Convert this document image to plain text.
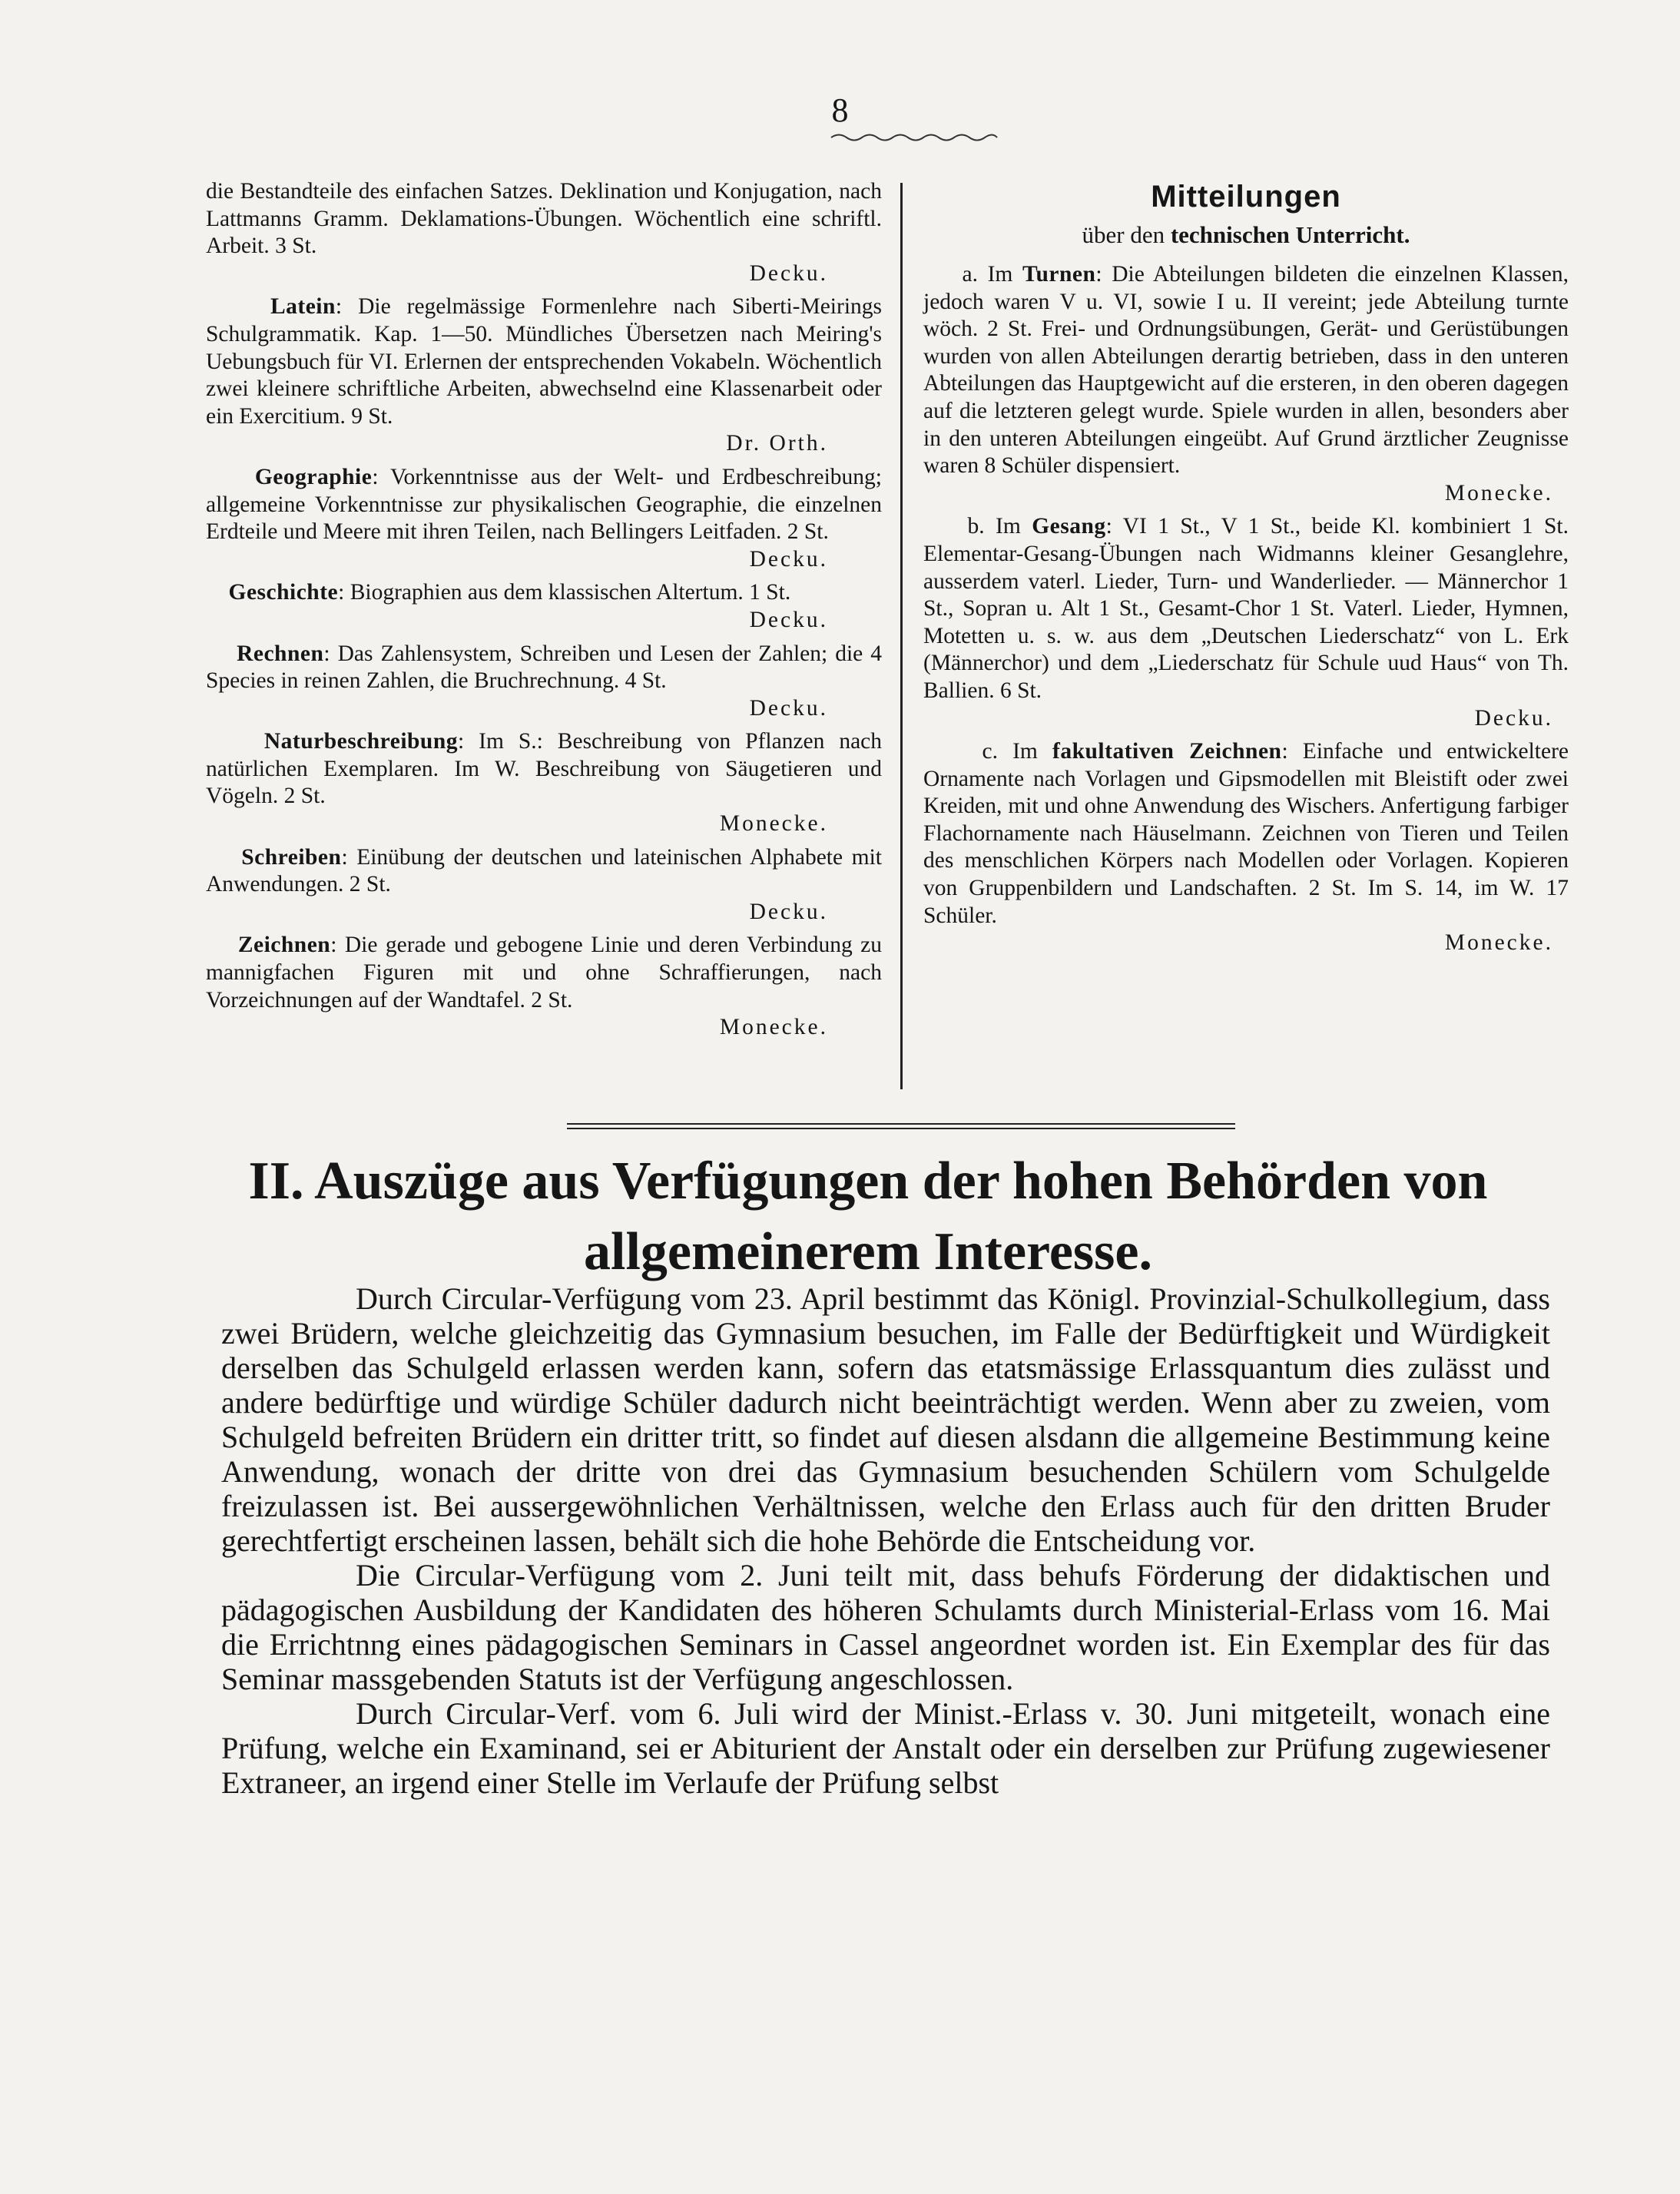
8

die Bestandteile des einfachen Satzes. Deklination und Konjugation, nach Lattmanns Gramm. Deklamations-Übungen. Wöchentlich eine schriftl. Arbeit. 3 St.
Decku.

Latein: Die regelmässige Formenlehre nach Siberti-Meirings Schulgrammatik. Kap. 1—50. Mündliches Übersetzen nach Meiring's Uebungsbuch für VI. Erlernen der entsprechenden Vokabeln. Wöchentlich zwei kleinere schriftliche Arbeiten, abwechselnd eine Klassenarbeit oder ein Exercitium. 9 St.
Dr. Orth.

Geographie: Vorkenntnisse aus der Welt- und Erdbeschreibung; allgemeine Vorkenntnisse zur physikalischen Geographie, die einzelnen Erdteile und Meere mit ihren Teilen, nach Bellingers Leitfaden. 2 St.
Decku.

Geschichte: Biographien aus dem klassischen Altertum. 1 St.
Decku.

Rechnen: Das Zahlensystem, Schreiben und Lesen der Zahlen; die 4 Species in reinen Zahlen, die Bruchrechnung. 4 St.
Decku.

Naturbeschreibung: Im S.: Beschreibung von Pflanzen nach natürlichen Exemplaren. Im W. Beschreibung von Säugetieren und Vögeln. 2 St.
Monecke.

Schreiben: Einübung der deutschen und lateinischen Alphabete mit Anwendungen. 2 St.
Decku.

Zeichnen: Die gerade und gebogene Linie und deren Verbindung zu mannigfachen Figuren mit und ohne Schraffierungen, nach Vorzeichnungen auf der Wandtafel. 2 St.
Monecke.

Mitteilungen
über den technischen Unterricht.

a. Im Turnen: Die Abteilungen bildeten die einzelnen Klassen, jedoch waren V u. VI, sowie I u. II vereint; jede Abteilung turnte wöch. 2 St. Frei- und Ordnungsübungen, Gerät- und Gerüstübungen wurden von allen Abteilungen derartig betrieben, dass in den unteren Abteilungen das Hauptgewicht auf die ersteren, in den oberen dagegen auf die letzteren gelegt wurde. Spiele wurden in allen, besonders aber in den unteren Abteilungen eingeübt. Auf Grund ärztlicher Zeugnisse waren 8 Schüler dispensiert.
Monecke.

b. Im Gesang: VI 1 St., V 1 St., beide Kl. kombiniert 1 St. Elementar-Gesang-Übungen nach Widmanns kleiner Gesanglehre, ausserdem vaterl. Lieder, Turn- und Wanderlieder. — Männerchor 1 St., Sopran u. Alt 1 St., Gesamt-Chor 1 St. Vaterl. Lieder, Hymnen, Motetten u. s. w. aus dem „Deutschen Liederschatz“ von L. Erk (Männerchor) und dem „Liederschatz für Schule uud Haus“ von Th. Ballien. 6 St.
Decku.

c. Im fakultativen Zeichnen: Einfache und entwickeltere Ornamente nach Vorlagen und Gipsmodellen mit Bleistift oder zwei Kreiden, mit und ohne Anwendung des Wischers. Anfertigung farbiger Flachornamente nach Häuselmann. Zeichnen von Tieren und Teilen des menschlichen Körpers nach Modellen oder Vorlagen. Kopieren von Gruppenbildern und Landschaften. 2 St. Im S. 14, im W. 17 Schüler.
Monecke.

II. Auszüge aus Verfügungen der hohen Behörden von
allgemeinerem Interesse.

Durch Circular-Verfügung vom 23. April bestimmt das Königl. Provinzial-Schulkollegium, dass zwei Brüdern, welche gleichzeitig das Gymnasium besuchen, im Falle der Bedürftigkeit und Würdigkeit derselben das Schulgeld erlassen werden kann, sofern das etatsmässige Erlassquantum dies zulässt und andere bedürftige und würdige Schüler dadurch nicht beeinträchtigt werden. Wenn aber zu zweien, vom Schulgeld befreiten Brüdern ein dritter tritt, so findet auf diesen alsdann die allgemeine Bestimmung keine Anwendung, wonach der dritte von drei das Gymnasium besuchenden Schülern vom Schulgelde freizulassen ist. Bei aussergewöhnlichen Verhältnissen, welche den Erlass auch für den dritten Bruder gerechtfertigt erscheinen lassen, behält sich die hohe Behörde die Entscheidung vor.

Die Circular-Verfügung vom 2. Juni teilt mit, dass behufs Förderung der didaktischen und pädagogischen Ausbildung der Kandidaten des höheren Schulamts durch Ministerial-Erlass vom 16. Mai die Errichtnng eines pädagogischen Seminars in Cassel angeordnet worden ist. Ein Exemplar des für das Seminar massgebenden Statuts ist der Verfügung angeschlossen.

Durch Circular-Verf. vom 6. Juli wird der Minist.-Erlass v. 30. Juni mitgeteilt, wonach eine Prüfung, welche ein Examinand, sei er Abiturient der Anstalt oder ein derselben zur Prüfung zugewiesener Extraneer, an irgend einer Stelle im Verlaufe der Prüfung selbst
